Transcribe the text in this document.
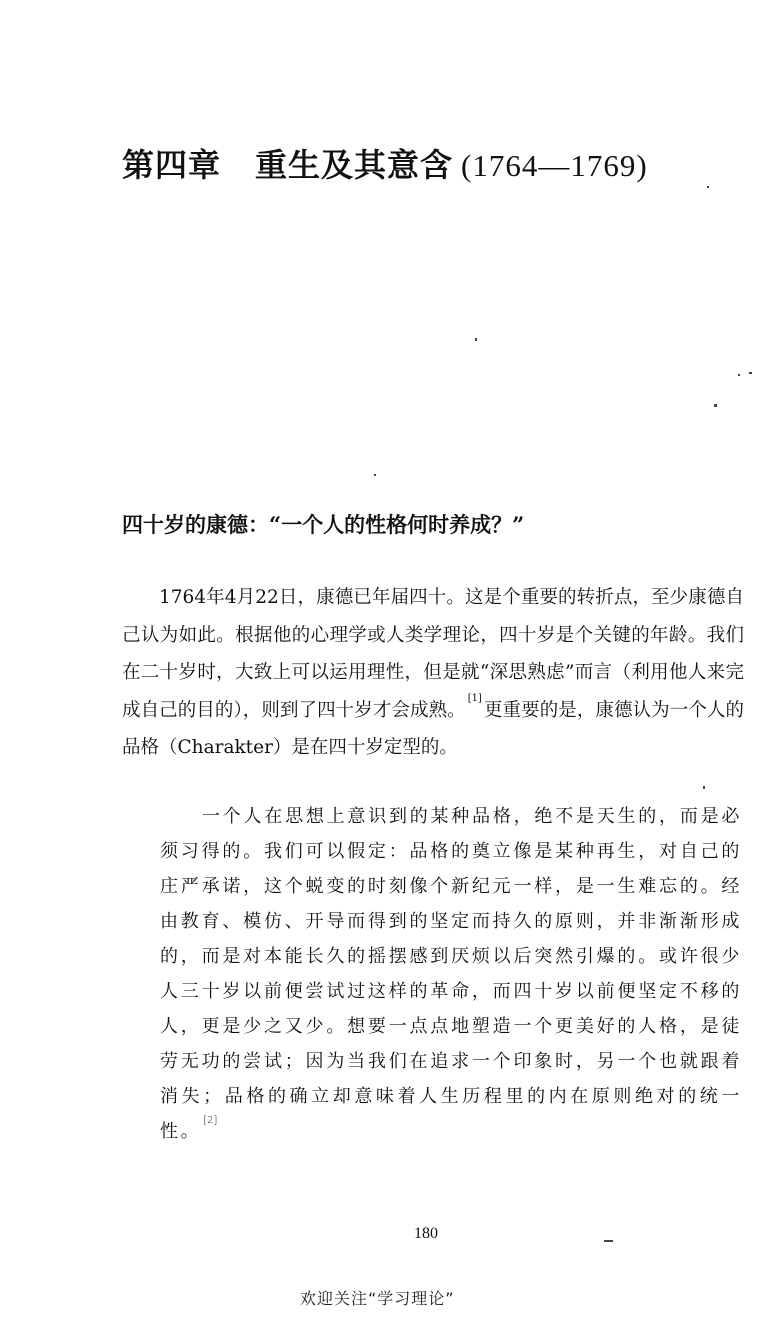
第四章 重生及其意含 (1764—1769)
四十岁的康德：“一个人的性格何时养成？”

1764年4月22日，康德已年届四十。这是个重要的转折点，至少康德自己认为如此。根据他的心理学或人类学理论，四十岁是个关键的年龄。我们在二十岁时，大致上可以运用理性，但是就“深思熟虑”而言（利用他人来完成自己的目的），则到了四十岁才会成熟。[1]更重要的是，康德认为一个人的品格（Charakter）是在四十岁定型的。

一个人在思想上意识到的某种品格，绝不是天生的，而是必须习得的。我们可以假定：品格的奠立像是某种再生，对自己的庄严承诺，这个蜕变的时刻像个新纪元一样，是一生难忘的。经由教育、模仿、开导而得到的坚定而持久的原则，并非渐渐形成的，而是对本能长久的摇摆感到厌烦以后突然引爆的。或许很少人三十岁以前便尝试过这样的革命，而四十岁以前便坚定不移的人，更是少之又少。想要一点点地塑造一个更美好的人格，是徒劳无功的尝试；因为当我们在追求一个印象时，另一个也就跟着消失；品格的确立却意味着人生历程里的内在原则绝对的统一性。[2]

180

欢迎关注“学习理论”
